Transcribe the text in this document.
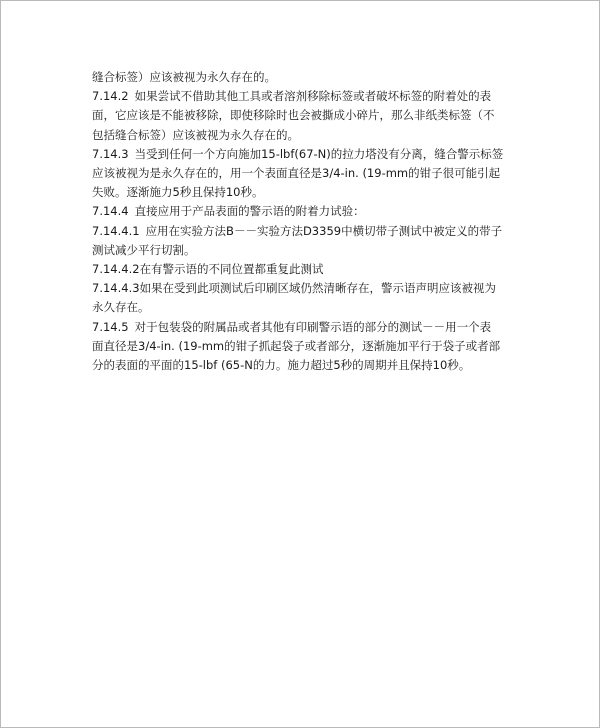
缝合标签）应该被视为永久存在的。

7.14.2 如果尝试不借助其他工具或者溶剂移除标签或者破坏标签的附着处的表
面，它应该是不能被移除，即使移除时也会被撕成小碎片，那么非纸类标签（不
包括缝合标签）应该被视为永久存在的。

7.14.3 当受到任何一个方向施加15-lbf(67-N)的拉力塔没有分离，缝合警示标签
应该被视为是永久存在的，用一个表面直径是3/4-in. (19-mm的钳子很可能引起
失败。逐渐施力5秒且保持10秒。

7.14.4 直接应用于产品表面的警示语的附着力试验：

7.14.4.1 应用在实验方法B－－实验方法D3359中横切带子测试中被定义的带子
测试减少平行切割。

7.14.4.2在有警示语的不同位置都重复此测试

7.14.4.3如果在受到此项测试后印刷区域仍然清晰存在，警示语声明应该被视为
永久存在。

7.14.5 对于包装袋的附属品或者其他有印刷警示语的部分的测试－－用一个表
面直径是3/4-in. (19-mm的钳子抓起袋子或者部分，逐渐施加平行于袋子或者部
分的表面的平面的15-lbf (65-N的力。施力超过5秒的周期并且保持10秒。
